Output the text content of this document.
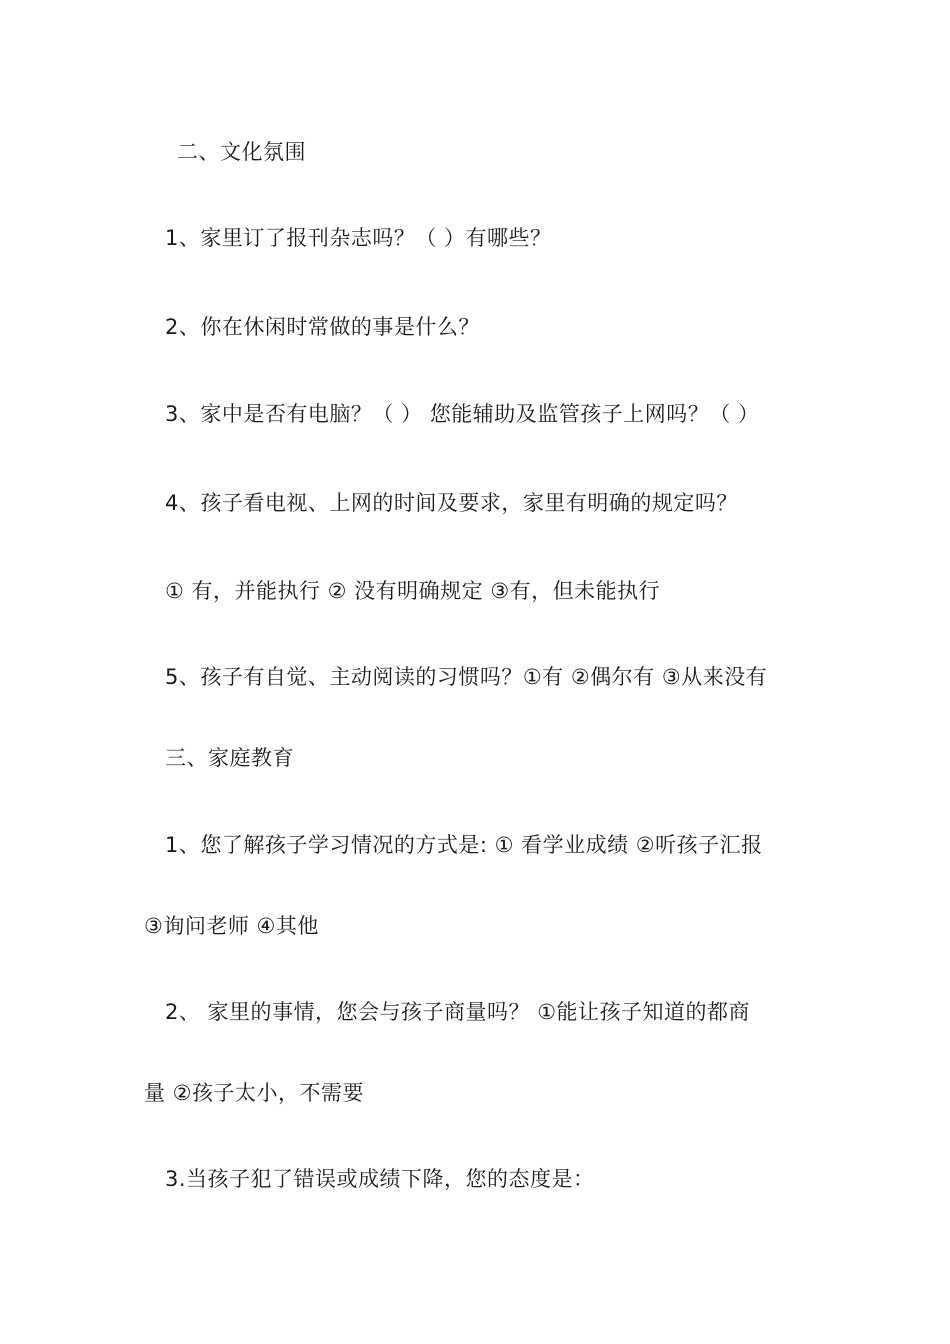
二、文化氛围
1、家里订了报刊杂志吗？（ ）有哪些？
2、你在休闲时常做的事是什么？
3、家中是否有电脑？（ ） 您能辅助及监管孩子上网吗？（ ）
4、孩子看电视、上网的时间及要求，家里有明确的规定吗？
① 有，并能执行 ② 没有明确规定 ③有，但未能执行
5、孩子有自觉、主动阅读的习惯吗？①有 ②偶尔有 ③从来没有
三、家庭教育
1、您了解孩子学习情况的方式是: ① 看学业成绩 ②听孩子汇报
③询问老师 ④其他
2、 家里的事情，您会与孩子商量吗？ ①能让孩子知道的都商
量 ②孩子太小，不需要
3.当孩子犯了错误或成绩下降，您的态度是：
